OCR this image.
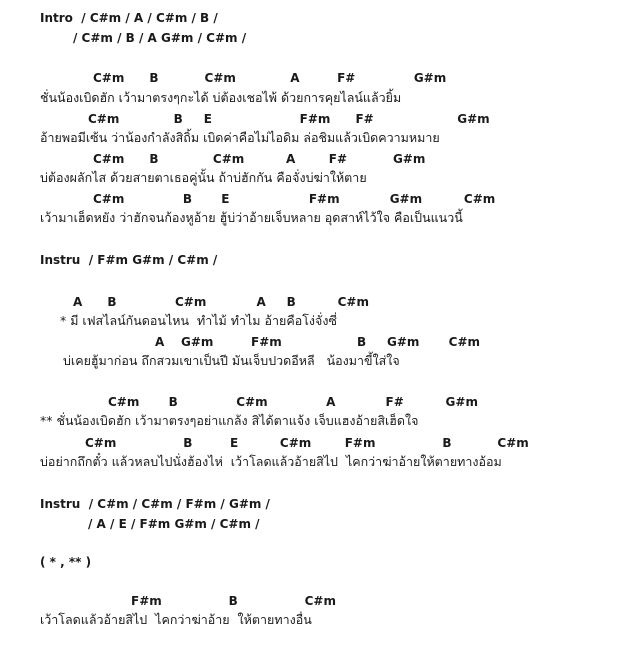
Intro  / C#m / A / C#m / B /
/ C#m / B / A G#m / C#m /
C#m      B           C#m             A         F#              G#m
ชั่นน้องเบิดฮัก เว้ามาตรงๆกะได้ บ่ต้องเชอไพ้ ด้วยการคุยไลน์แล้วยิ้ม
C#m             B     E                     F#m      F#                    G#m
อ้ายพอมีเซ้น ว่าน้องกำลังสิถิ้ม เบิดค่าคือไม่ไอดิม ล่อชิมแล้วเบิดความหมาย
C#m      B             C#m          A        F#           G#m
บ่ต้องผลักไส ด้วยสายตาเธอคู่นั้น ถ้าบ่ฮักกัน คือจั่งบ่ฆ่าให้ตาย
C#m              B       E                   F#m            G#m          C#m
เว้ามาเฮ็ดหยัง ว่าฮักจนก้องหูอ้าย ฮู้บ่ว่าอ้ายเจ็บหลาย อุดสาห์ไว้ใจ คือเป็นแนวนี้
Instru  / F#m G#m / C#m /
A      B              C#m            A     B          C#m
* มี เฟสไลน์กันดอนไหน  ทำไม้ ทำไม อ้ายคือโง่จั่งซี่
A    G#m         F#m                  B     G#m       C#m
บ่เคยฮู้มาก่อน ถึกสวมเขาเป็นปี มันเจ็บปวดอีหลี   น้องมาขี้ใส่ใจ
C#m       B              C#m              A            F#          G#m
** ชั่นน้องเบิดฮัก เว้ามาตรงๆอย่าแกล้ง สิได้ตาแจ้ง เจ็บแฮงอ้ายสิเฮ็ดใจ
C#m                B         E          C#m        F#m                B           C#m
บ่อย่ากถึกตั๋ว แล้วหลบไปนั่งฮ้องไห่  เว้าโลดแล้วอ้ายสิไป  ไคกว่าฆ่าอ้ายให้ตายทางอ้อม
Instru  / C#m / C#m / F#m / G#m /
/ A / E / F#m G#m / C#m /
( * , ** )
F#m                B                C#m
เว้าโลดแล้วอ้ายสิไป  ไคกว่าฆ่าอ้าย  ให้ตายทางอื่น
